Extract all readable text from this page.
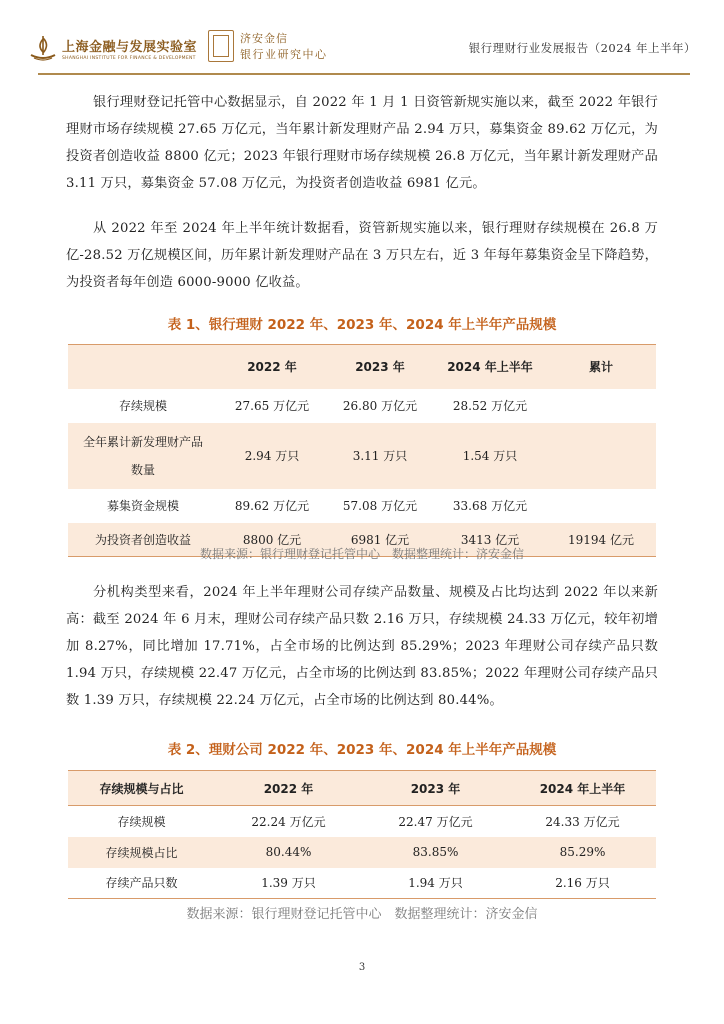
上海金融与发展实验室
SHANGHAI INSTITUTE FOR FINANCE & DEVELOPMENT
济安金信
银行业研究中心	银行理财行业发展报告（2024 年上半年）

银行理财登记托管中心数据显示，自 2022 年 1 月 1 日资管新规实施以来，截至 2022 年银行理财市场存续规模 27.65 万亿元，当年累计新发理财产品 2.94 万只，募集资金 89.62 万亿元，为投资者创造收益 8800 亿元；2023 年银行理财市场存续规模 26.8 万亿元，当年累计新发理财产品 3.11 万只，募集资金 57.08 万亿元，为投资者创造收益 6981 亿元。

从 2022 年至 2024 年上半年统计数据看，资管新规实施以来，银行理财存续规模在 26.8 万亿-28.52 万亿规模区间，历年累计新发理财产品在 3 万只左右，近 3 年每年募集资金呈下降趋势，为投资者每年创造 6000-9000 亿收益。

表 1、银行理财 2022 年、2023 年、2024 年上半年产品规模
	2022 年	2023 年	2024 年上半年	累计
存续规模	27.65 万亿元	26.80 万亿元	28.52 万亿元	
全年累计新发理财产品数量	2.94 万只	3.11 万只	1.54 万只	
募集资金规模	89.62 万亿元	57.08 万亿元	33.68 万亿元	
为投资者创造收益	8800 亿元	6981 亿元	3413 亿元	19194 亿元
数据来源：银行理财登记托管中心　数据整理统计：济安金信

分机构类型来看，2024 年上半年理财公司存续产品数量、规模及占比均达到 2022 年以来新高：截至 2024 年 6 月末，理财公司存续产品只数 2.16 万只，存续规模 24.33 万亿元，较年初增加 8.27%，同比增加 17.71%，占全市场的比例达到 85.29%；2023 年理财公司存续产品只数 1.94 万只，存续规模 22.47 万亿元，占全市场的比例达到 83.85%；2022 年理财公司存续产品只数 1.39 万只，存续规模 22.24 万亿元，占全市场的比例达到 80.44%。

表 2、理财公司 2022 年、2023 年、2024 年上半年产品规模
存续规模与占比	2022 年	2023 年	2024 年上半年
存续规模	22.24 万亿元	22.47 万亿元	24.33 万亿元
存续规模占比	80.44%	83.85%	85.29%
存续产品只数	1.39 万只	1.94 万只	2.16 万只
数据来源：银行理财登记托管中心　数据整理统计：济安金信
3
